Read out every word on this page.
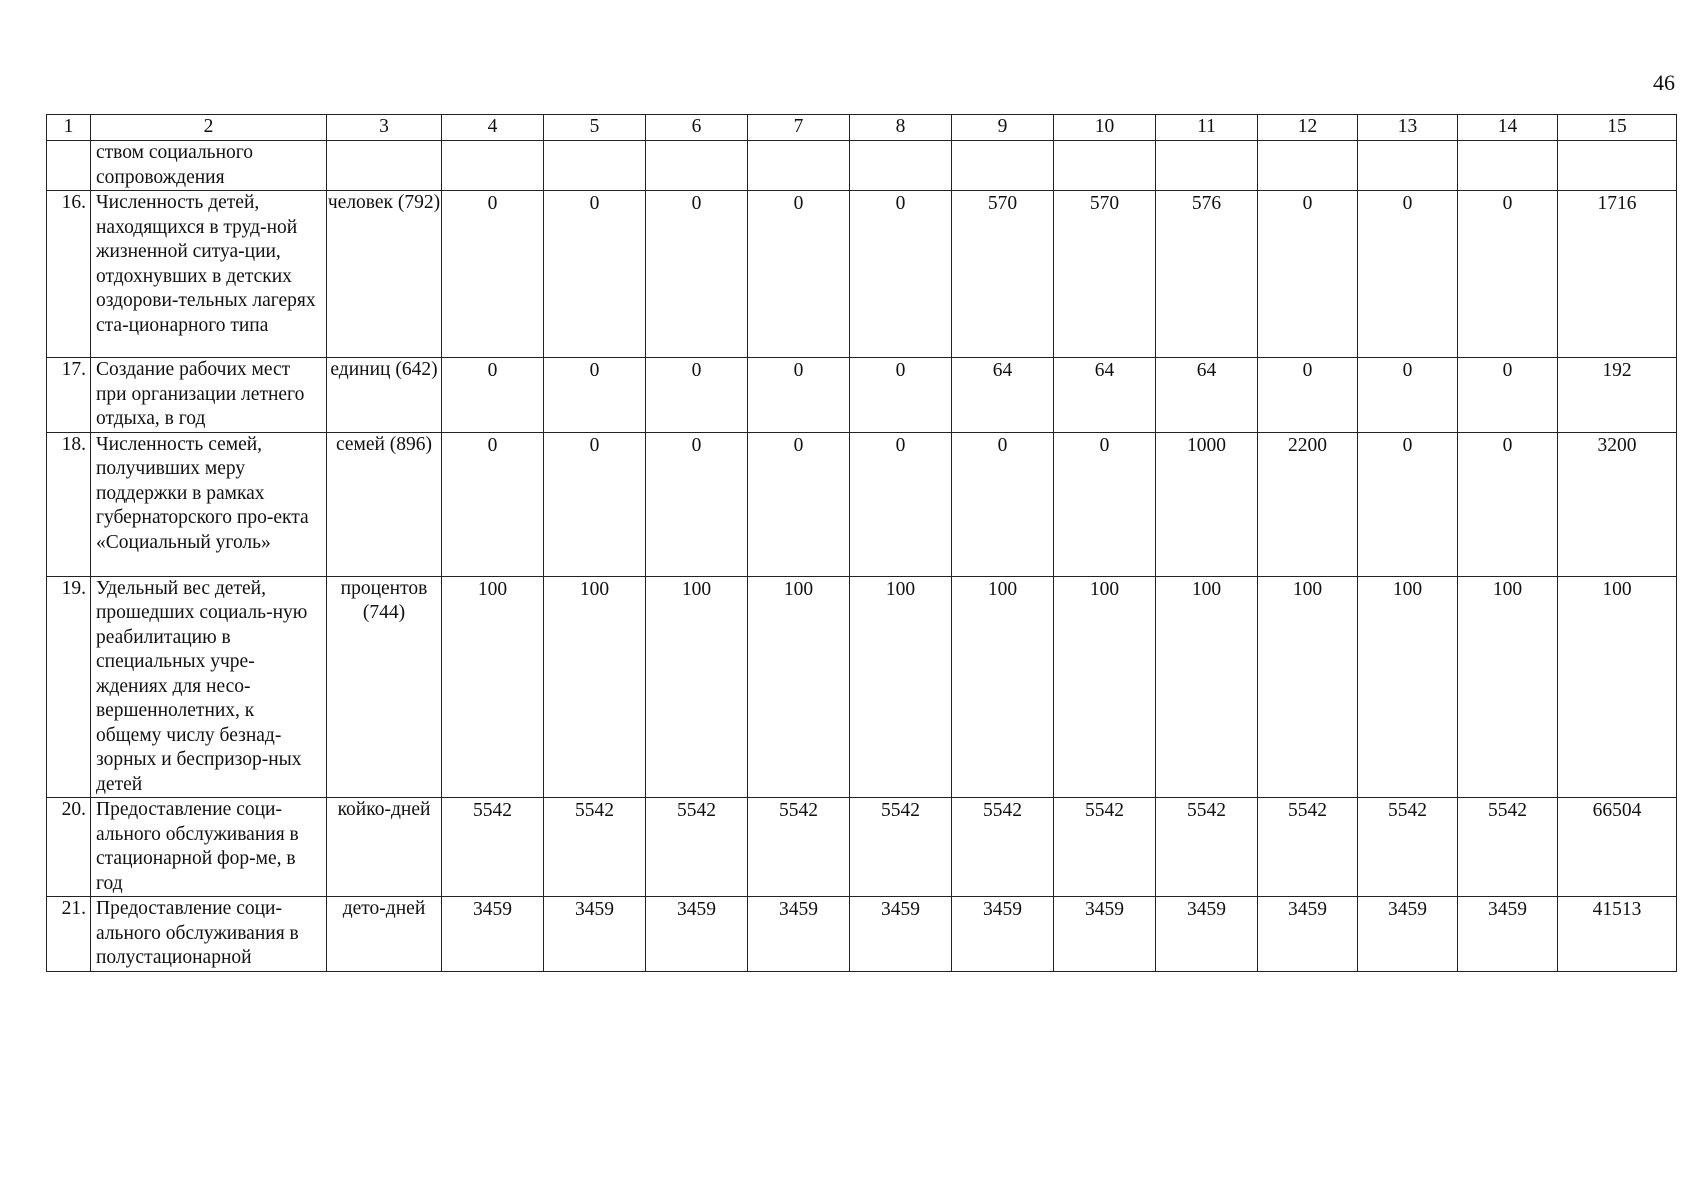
46
1	2	3	4	5	6	7	8	9	10	11	12	13	14	15
	ством социального сопровождения													
16.	Численность детей, находящихся в труд-ной жизненной ситуа-ции, отдохнувших в детских оздорови-тельных лагерях ста-ционарного типа	человек (792)	0	0	0	0	0	570	570	576	0	0	0	1716
17.	Создание рабочих мест при организации летнего отдыха, в год	единиц (642)	0	0	0	0	0	64	64	64	0	0	0	192
18.	Численность семей, получивших меру поддержки в рамках губернаторского про-екта «Социальный уголь»	семей (896)	0	0	0	0	0	0	0	1000	2200	0	0	3200
19.	Удельный вес детей, прошедших социаль-ную реабилитацию в специальных учре-ждениях для несо-вершеннолетних, к общему числу безнад-зорных и беспризор-ных детей	процентов (744)	100	100	100	100	100	100	100	100	100	100	100	100
20.	Предоставление соци-ального обслуживания в стационарной фор-ме, в год	койко-дней	5542	5542	5542	5542	5542	5542	5542	5542	5542	5542	5542	66504
21.	Предоставление соци-ального обслуживания в полустационарной	дето-дней	3459	3459	3459	3459	3459	3459	3459	3459	3459	3459	3459	41513
